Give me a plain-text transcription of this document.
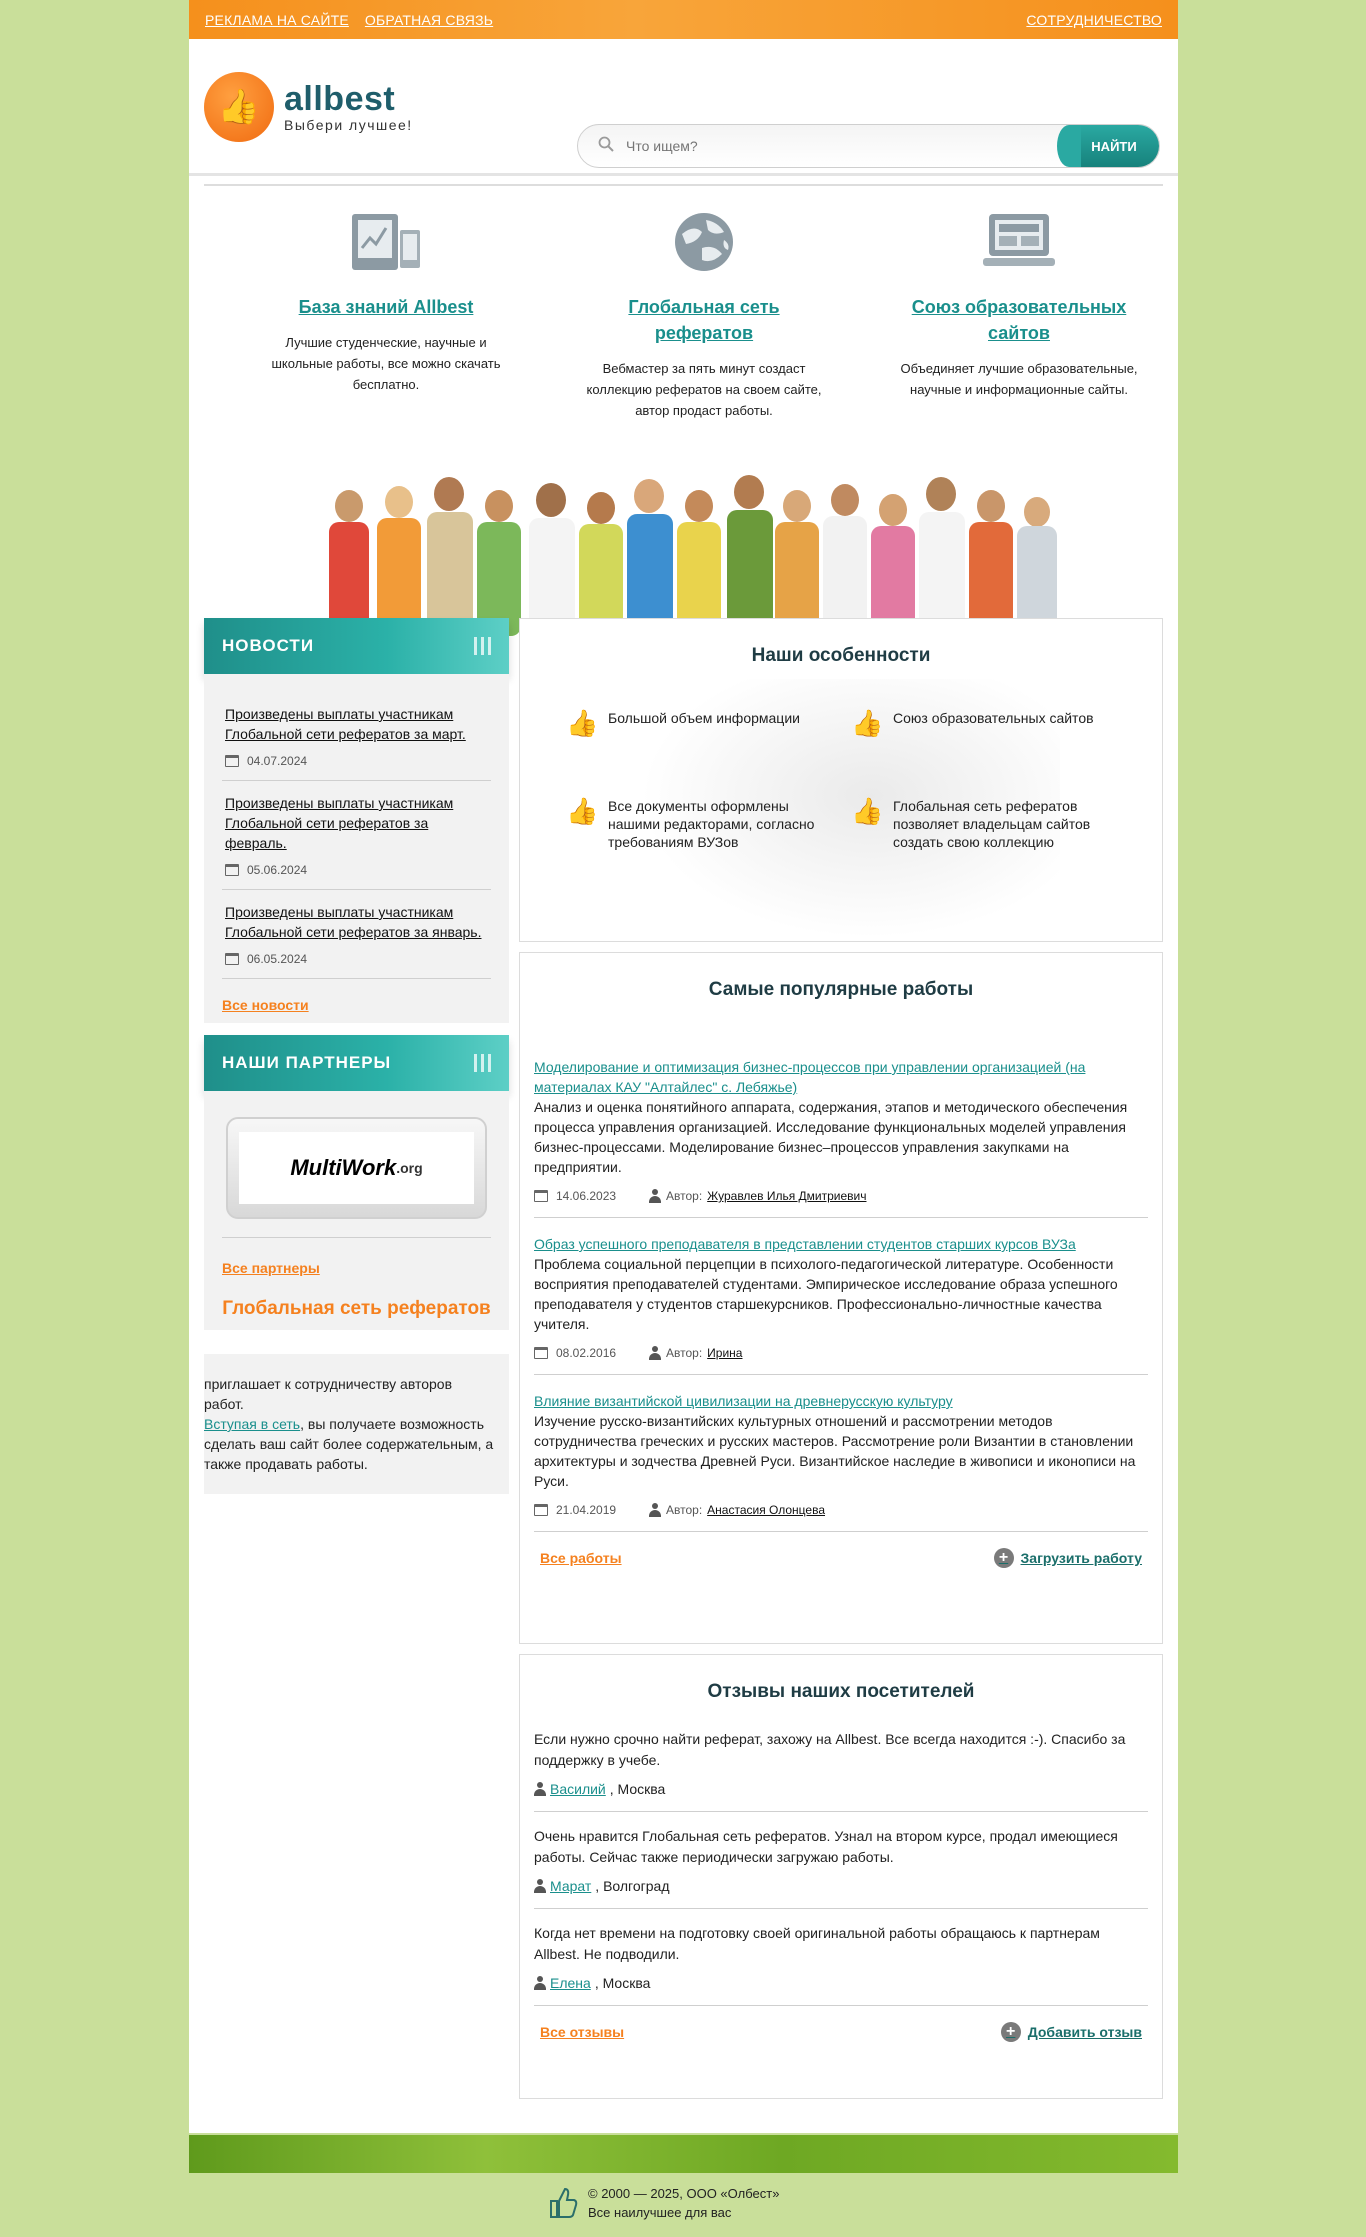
РЕКЛАМА НА САЙТЕ ОБРАТНАЯ СВЯЗЬ	СОТРУДНИЧЕСТВО
👍 allbest
Выбери лучшее!
Что ищем?
НАЙТИ
База знаний Allbest
Лучшие студенческие, научные и школьные работы, все можно скачать бесплатно.
Глобальная сеть рефератов
Вебмастер за пять минут создаст коллекцию рефератов на своем сайте, автор продаст работы.
Союз образовательных сайтов
Объединяет лучшие образовательные, научные и информационные сайты.
НОВОСТИ
Произведены выплаты участникам Глобальной сети рефератов за март.
04.07.2024
Произведены выплаты участникам Глобальной сети рефератов за февраль.
05.06.2024
Произведены выплаты участникам Глобальной сети рефератов за январь.
06.05.2024
Все новости
НАШИ ПАРТНЕРЫ
MultiWork .org
Все партнеры
Глобальная сеть рефератов
приглашает к сотрудничеству авторов работ.
Вступая в сеть, вы получаете возможность сделать ваш сайт более содержательным, а также продавать работы.
Наши особенности
👍 Большой объем информации 👍 Союз образовательных сайтов
👍 Все документы оформлены нашими редакторами, согласно требованиям ВУЗов
👍 Глобальная сеть рефератов позволяет владельцам сайтов создать свою коллекцию
Самые популярные работы
Моделирование и оптимизация бизнес-процессов при управлении организацией (на материалах КАУ "Алтайлес" с. Лебяжье)
Анализ и оценка понятийного аппарата, содержания, этапов и методического обеспечения процесса управления организацией. Исследование функциональных моделей управления бизнес-процессами. Моделирование бизнес–процессов управления закупками на предприятии.
14.06.2023	Автор: Журавлев Илья Дмитриевич
Образ успешного преподавателя в представлении студентов старших курсов ВУЗа
Проблема социальной перцепции в психолого-педагогической литературе. Особенности восприятия преподавателей студентами. Эмпирическое исследование образа успешного преподавателя у студентов старшекурсников. Профессионально-личностные качества учителя.
08.02.2016	Автор: Ирина
Влияние византийской цивилизации на древнерусскую культуру
Изучение русско-византийских культурных отношений и рассмотрении методов сотрудничества греческих и русских мастеров. Рассмотрение роли Византии в становлении архитектуры и зодчества Древней Руси. Византийское наследие в живописи и иконописи на Руси.
21.04.2019	Автор: Анастасия Олонцева
Все работы	+ Загрузить работу
Отзывы наших посетителей
Если нужно срочно найти реферат, захожу на Allbest. Все всегда находится :-). Спасибо за поддержку в учебе.
Василий , Москва
Очень нравится Глобальная сеть рефератов. Узнал на втором курсе, продал имеющиеся работы. Сейчас также периодически загружаю работы.
Марат , Волгоград
Когда нет времени на подготовку своей оригинальной работы обращаюсь к партнерам Allbest. Не подводили.
Елена , Москва
Все отзывы	+ Добавить отзыв
© 2000 — 2025, ООО «Олбест»
Все наилучшее для вас
